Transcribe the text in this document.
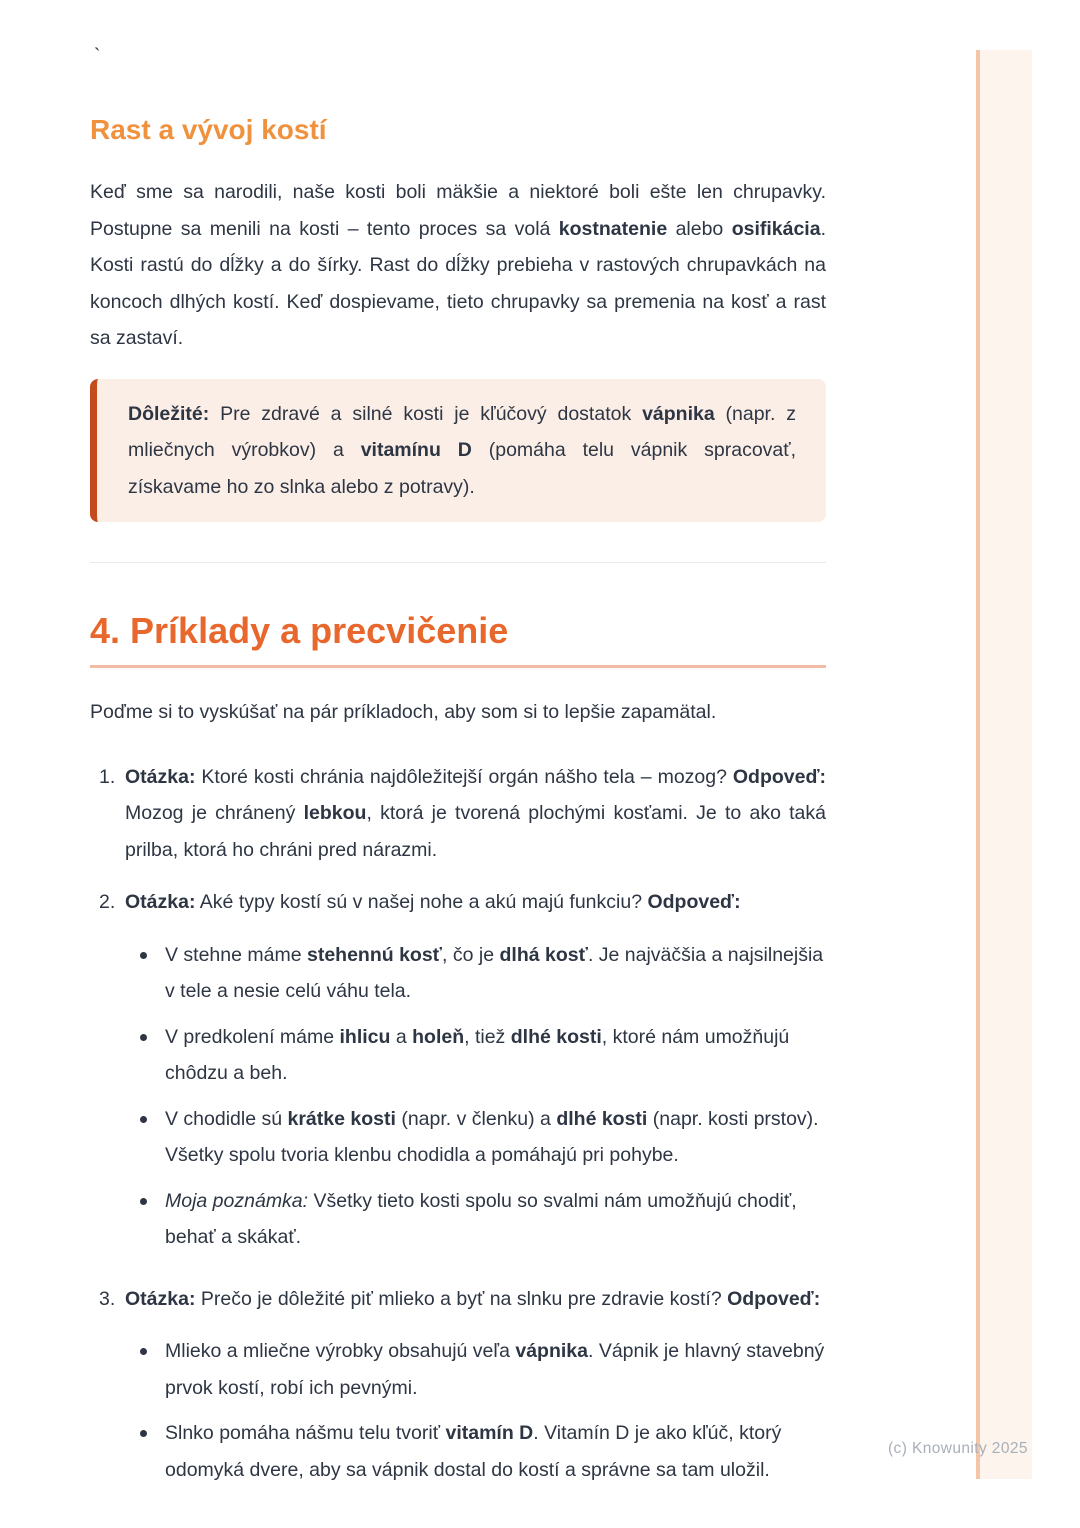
`
(c) Knowunity 2025
Rast a vývoj kostí

Keď sme sa narodili, naše kosti boli mäkšie a niektoré boli ešte len chrupavky. Postupne sa menili na kosti – tento proces sa volá kostnatenie alebo osifikácia. Kosti rastú do dĺžky a do šírky. Rast do dĺžky prebieha v rastových chrupavkách na koncoch dlhých kostí. Keď dospievame, tieto chrupavky sa premenia na kosť a rast sa zastaví.

Dôležité: Pre zdravé a silné kosti je kľúčový dostatok vápnika (napr. z mliečnych výrobkov) a vitamínu D (pomáha telu vápnik spracovať, získavame ho zo slnka alebo z potravy).

4. Príklady a precvičenie

Poďme si to vyskúšať na pár príkladoch, aby som si to lepšie zapamätal.

1. Otázka: Ktoré kosti chránia najdôležitejší orgán nášho tela – mozog? Odpoveď: Mozog je chránený lebkou, ktorá je tvorená plochými kosťami. Je to ako taká prilba, ktorá ho chráni pred nárazmi.
2. Otázka: Aké typy kostí sú v našej nohe a akú majú funkciu? Odpoveď:
V stehne máme stehennú kosť, čo je dlhá kosť. Je najväčšia a najsilnejšia v tele a nesie celú váhu tela.
V predkolení máme ihlicu a holeň, tiež dlhé kosti, ktoré nám umožňujú chôdzu a beh.
V chodidle sú krátke kosti (napr. v členku) a dlhé kosti (napr. kosti prstov). Všetky spolu tvoria klenbu chodidla a pomáhajú pri pohybe.
Moja poznámka: Všetky tieto kosti spolu so svalmi nám umožňujú chodiť, behať a skákať.
3. Otázka: Prečo je dôležité piť mlieko a byť na slnku pre zdravie kostí? Odpoveď:
Mlieko a mliečne výrobky obsahujú veľa vápnika. Vápnik je hlavný stavebný prvok kostí, robí ich pevnými.
Slnko pomáha nášmu telu tvoriť vitamín D. Vitamín D je ako kľúč, ktorý odomyká dvere, aby sa vápnik dostal do kostí a správne sa tam uložil.
